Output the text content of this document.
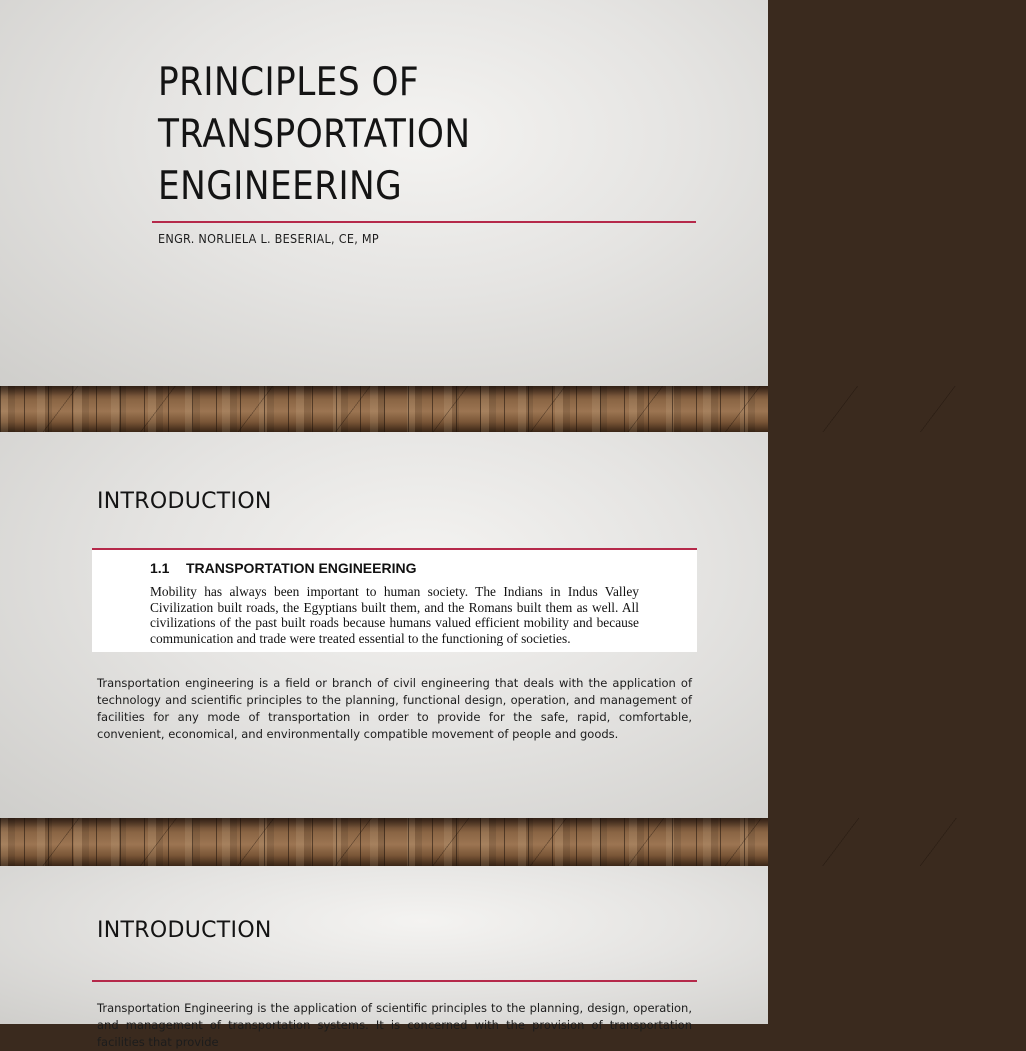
PRINCIPLES OF
TRANSPORTATION
ENGINEERING

ENGR. NORLIELA L. BESERIAL, CE, MP

INTRODUCTION
1.1 TRANSPORTATION ENGINEERING

Mobility has always been important to human society. The Indians in Indus Valley Civilization built roads, the Egyptians built them, and the Romans built them as well. All civilizations of the past built roads because humans valued efficient mobility and because communication and trade were treated essential to the functioning of societies.

Transportation engineering is a field or branch of civil engineering that deals with the application of technology and scientific principles to the planning, functional design, operation, and management of facilities for any mode of transportation in order to provide for the safe, rapid, comfortable, convenient, economical, and environmentally compatible movement of people and goods.

INTRODUCTION

Transportation Engineering is the application of scientific principles to the planning, design, operation, and management of transportation systems. It is concerned with the provision of transportation facilities that provide
